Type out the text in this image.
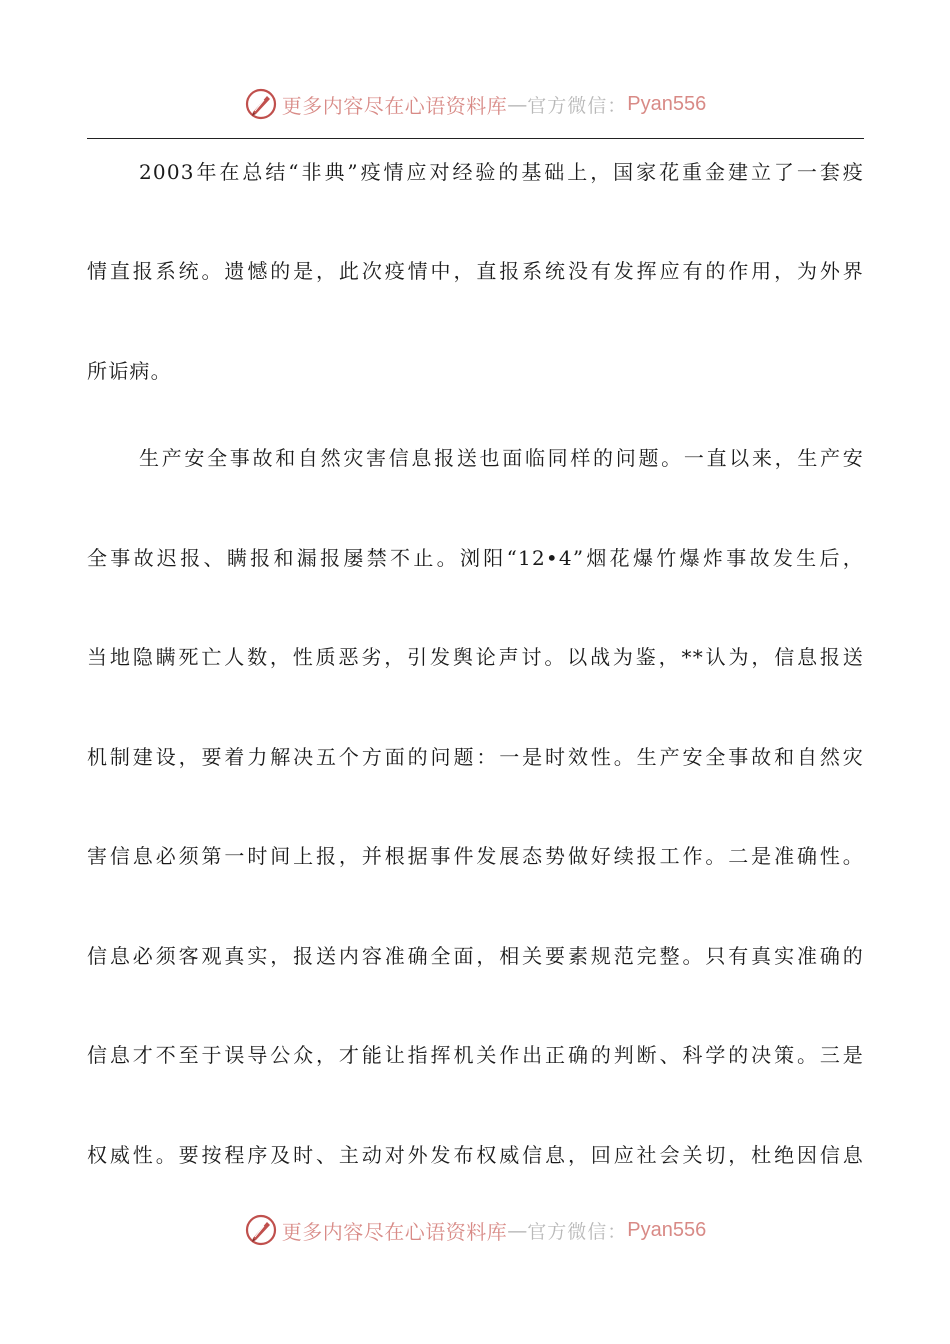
更多内容尽在心语资料库 — 官方微信： Pyan556
2003年在总结“非典”疫情应对经验的基础上，国家花重金建立了一套疫
情直报系统。遗憾的是，此次疫情中，直报系统没有发挥应有的作用，为外界
所诟病。
生产安全事故和自然灾害信息报送也面临同样的问题。一直以来，生产安
全事故迟报、瞒报和漏报屡禁不止。浏阳“12•4”烟花爆竹爆炸事故发生后，
当地隐瞒死亡人数，性质恶劣，引发舆论声讨。以战为鉴，**认为，信息报送
机制建设，要着力解决五个方面的问题：一是时效性。生产安全事故和自然灾
害信息必须第一时间上报，并根据事件发展态势做好续报工作。二是准确性。
信息必须客观真实，报送内容准确全面，相关要素规范完整。只有真实准确的
信息才不至于误导公众，才能让指挥机关作出正确的判断、科学的决策。三是
权威性。要按程序及时、主动对外发布权威信息，回应社会关切，杜绝因信息
更多内容尽在心语资料库 — 官方微信： Pyan556
